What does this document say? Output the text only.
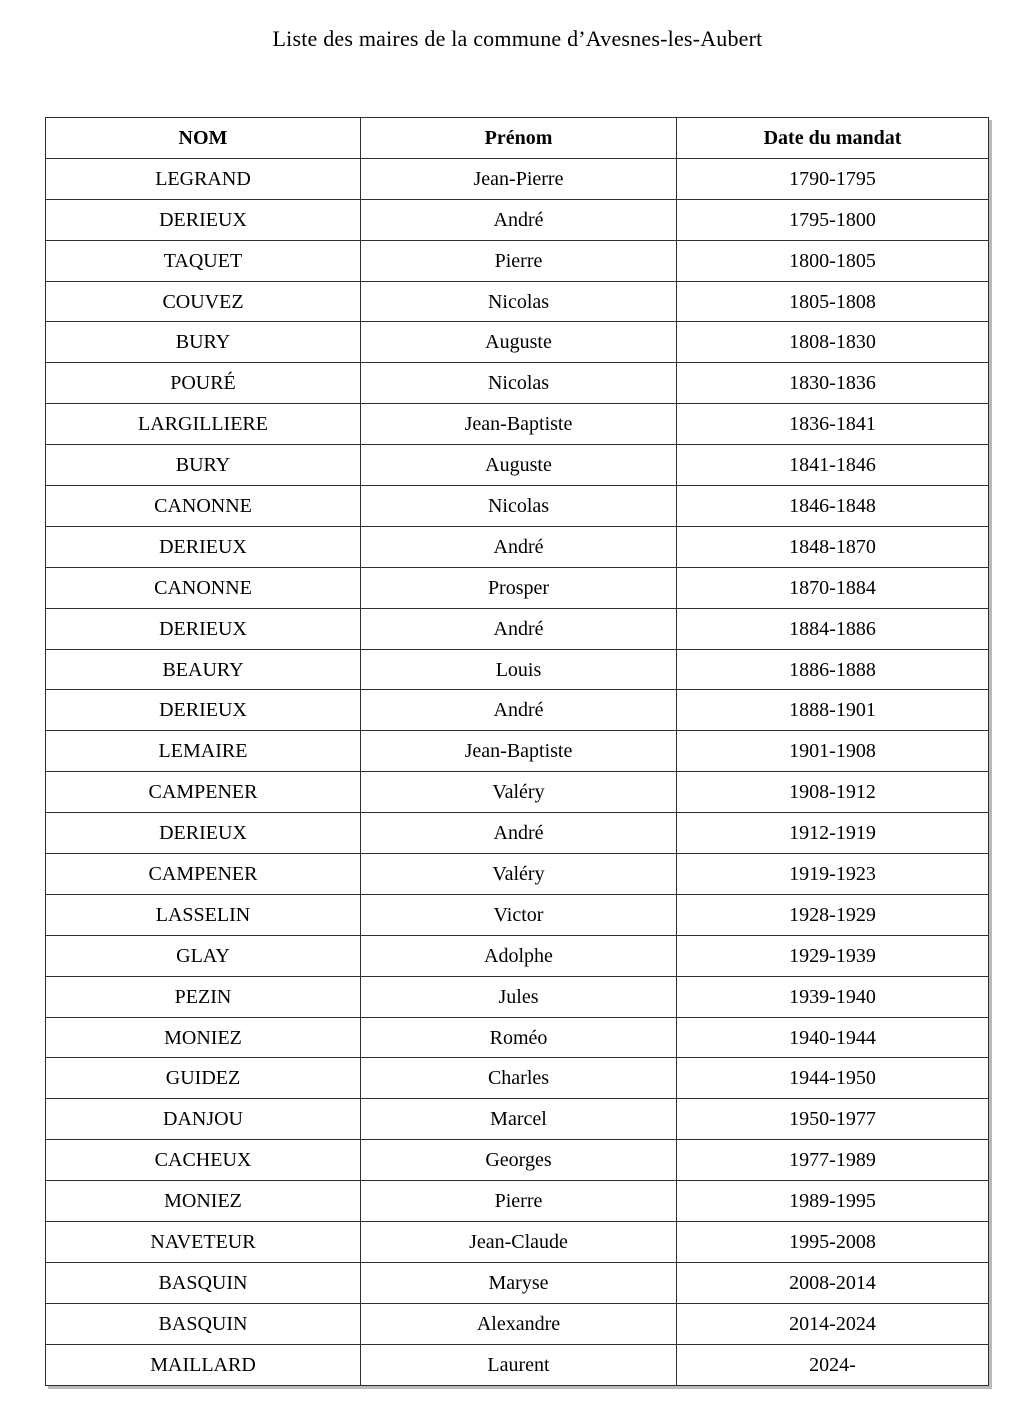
Liste des maires de la commune d’Avesnes-les-Aubert
NOM	Prénom	Date du mandat
LEGRAND	Jean-Pierre	1790-1795
DERIEUX	André	1795-1800
TAQUET	Pierre	1800-1805
COUVEZ	Nicolas	1805-1808
BURY	Auguste	1808-1830
POURÉ	Nicolas	1830-1836
LARGILLIERE	Jean-Baptiste	1836-1841
BURY	Auguste	1841-1846
CANONNE	Nicolas	1846-1848
DERIEUX	André	1848-1870
CANONNE	Prosper	1870-1884
DERIEUX	André	1884-1886
BEAURY	Louis	1886-1888
DERIEUX	André	1888-1901
LEMAIRE	Jean-Baptiste	1901-1908
CAMPENER	Valéry	1908-1912
DERIEUX	André	1912-1919
CAMPENER	Valéry	1919-1923
LASSELIN	Victor	1928-1929
GLAY	Adolphe	1929-1939
PEZIN	Jules	1939-1940
MONIEZ	Roméo	1940-1944
GUIDEZ	Charles	1944-1950
DANJOU	Marcel	1950-1977
CACHEUX	Georges	1977-1989
MONIEZ	Pierre	1989-1995
NAVETEUR	Jean-Claude	1995-2008
BASQUIN	Maryse	2008-2014
BASQUIN	Alexandre	2014-2024
MAILLARD	Laurent	2024-
